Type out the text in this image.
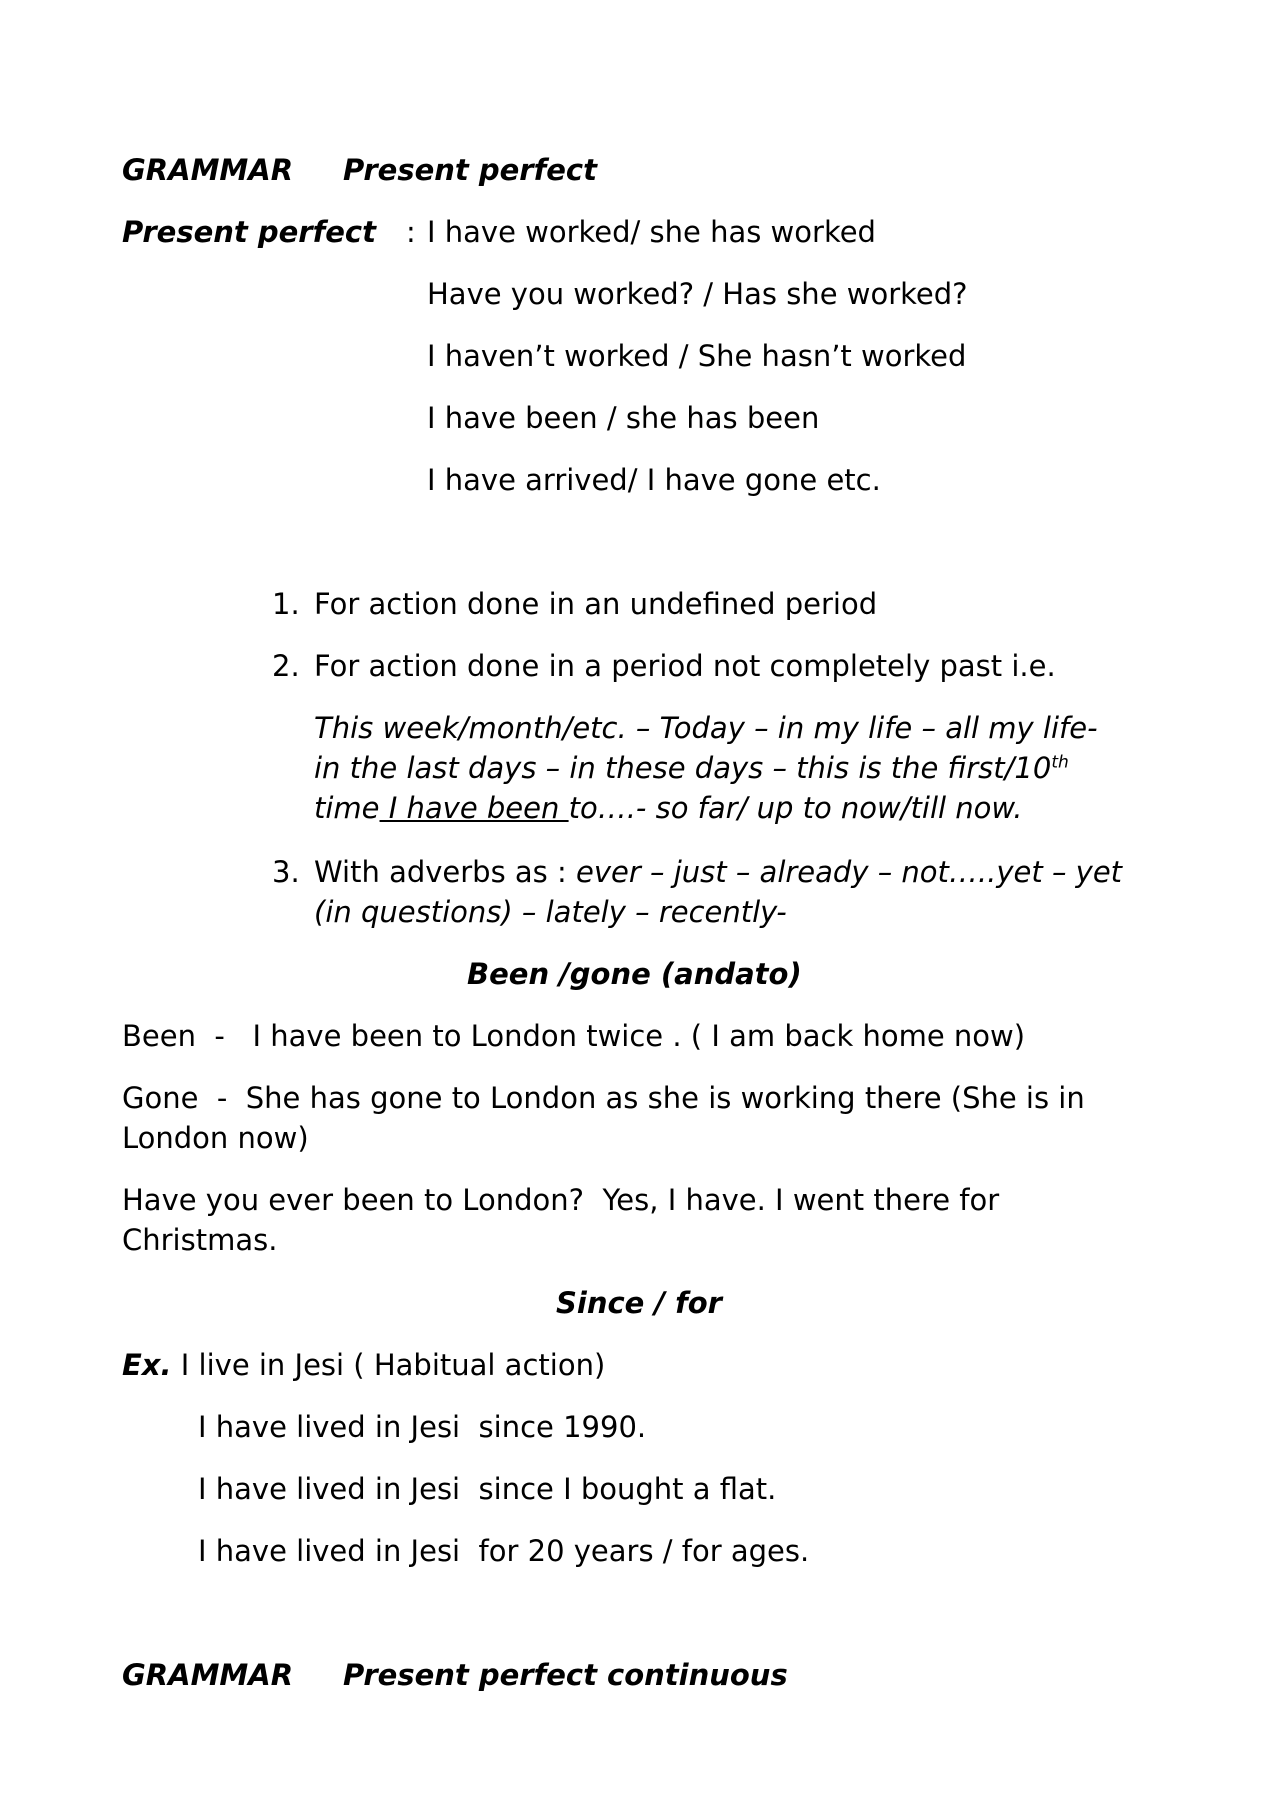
GRAMMAR Present perfect
Present perfect : I have worked/ she has worked
Have you worked? / Has she worked?
I haven’t worked / She hasn’t worked
I have been / she has been
I have arrived/ I have gone etc.
1. For action done in an undefined period
2. For action done in a period not completely past i.e.
This week/month/etc. – Today – in my life – all my life-
in the last days – in these days – this is the first/10th
time I have been to….- so far/ up to now/till now.
3. With adverbs as : ever – just – already – not…..yet – yet
(in questions) – lately – recently-
Been /gone (andato)
Been  -   I have been to London twice . ( I am back home now)
Gone  -  She has gone to London as she is working there (She is in
London now)
Have you ever been to London?  Yes, I have. I went there for
Christmas.
Since / for
Ex. I live in Jesi ( Habitual action)
I have lived in Jesi  since 1990.
I have lived in Jesi  since I bought a flat.
I have lived in Jesi  for 20 years / for ages.
GRAMMAR Present perfect continuous
